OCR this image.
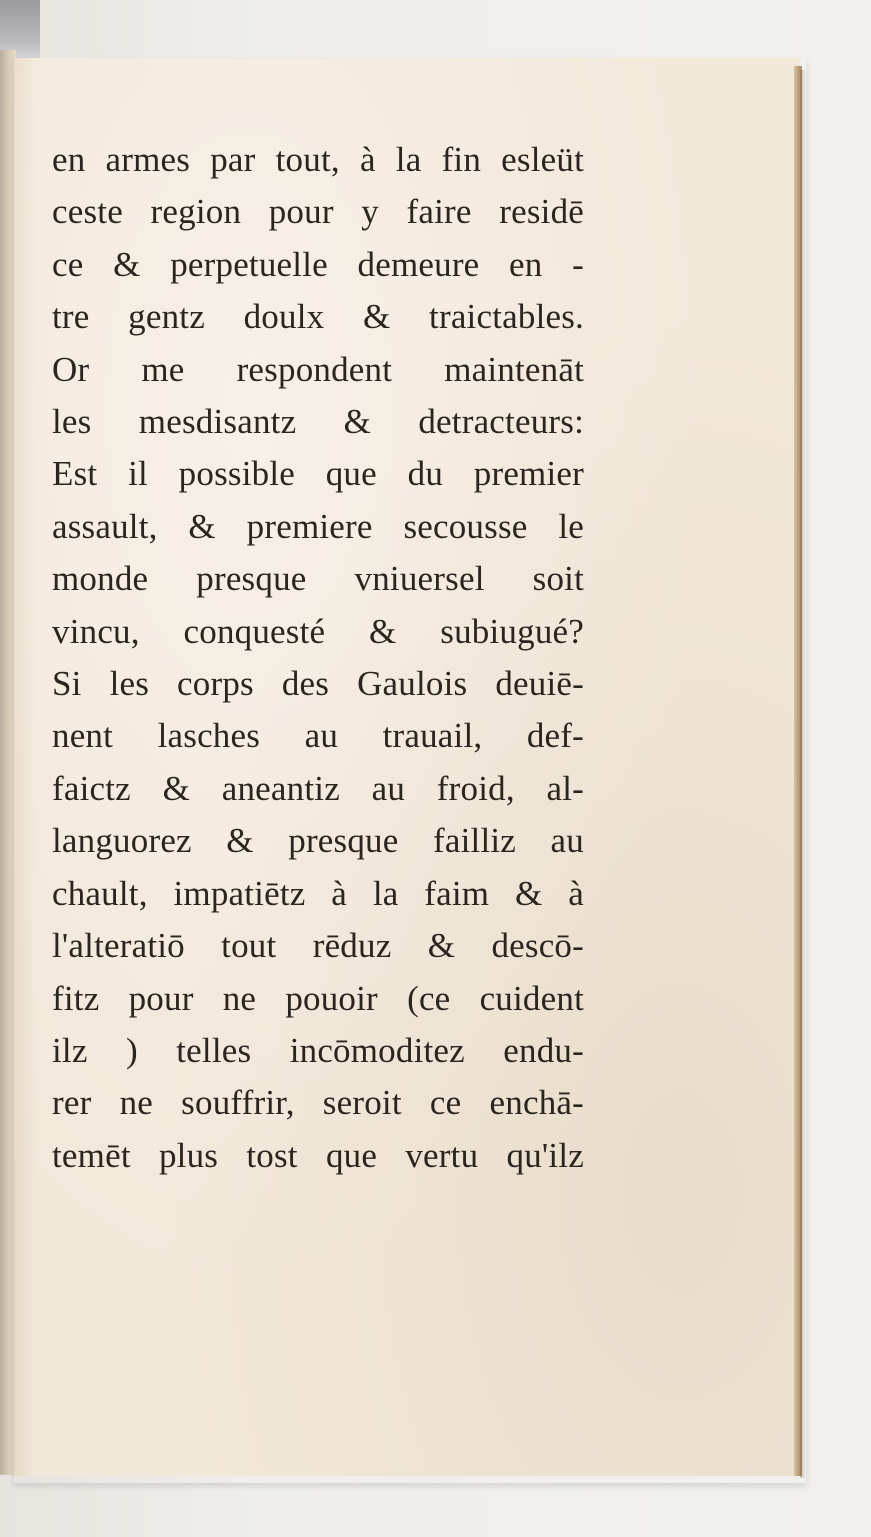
en armes par tout, à la fin esleüt
ceste region pour y faire residē
ce & perpetuelle demeure en -
tre gentz doulx & traictables.
Or me respondent maintenāt
les mesdisantz & detracteurs:
Est il possible que du premier
assault, & premiere secousse le
monde presque vniuersel soit
vincu, conquesté & subiugué?
Si les corps des Gaulois deuiē-
nent lasches au trauail, def-
faictz & aneantiz au froid, al-
languorez & presque failliz au
chault, impatiētz à la faim & à
l'alteratiō tout rēduz & descō-
fitz pour ne pouoir (ce cuident
ilz ) telles incōmoditez endu-
rer ne souffrir, seroit ce enchā-
temēt plus tost que vertu qu'ilz
